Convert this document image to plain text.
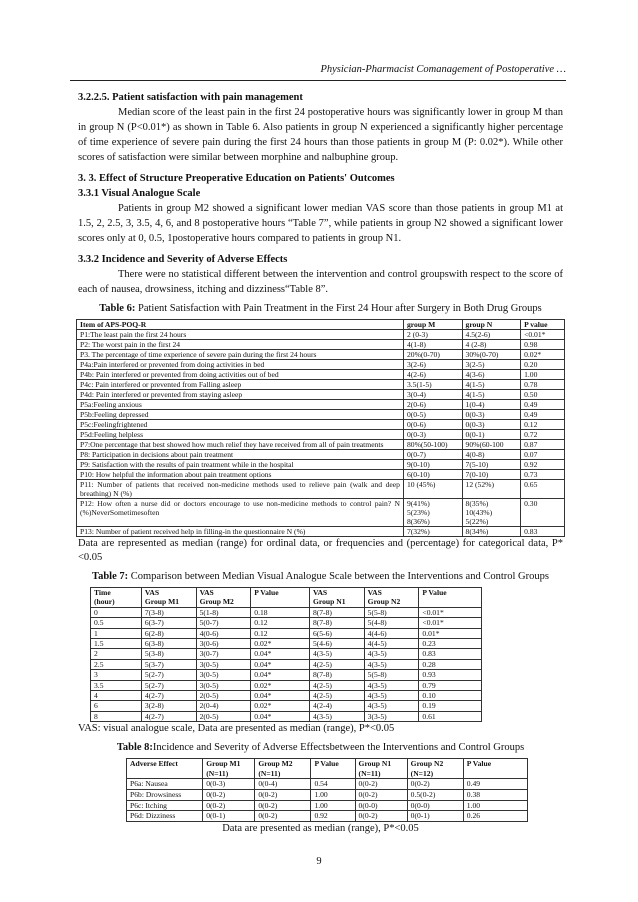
Physician-Pharmacist Comanagement of Postoperative …

3.2.2.5. Patient satisfaction with pain management

Median score of the least pain in the first 24 postoperative hours was significantly lower in group M than in group N (P<0.01*) as shown in Table 6. Also patients in group N experienced a significantly higher percentage of time experience of severe pain during the first 24 hours than those patients in group M (P: 0.02*). While other scores of satisfaction were similar between morphine and nalbuphine group.

3. 3. Effect of Structure Preoperative Education on Patients' Outcomes

3.3.1 Visual Analogue Scale

Patients in group M2 showed a significant lower median VAS score than those patients in group M1 at 1.5, 2, 2.5, 3, 3.5, 4, 6, and 8 postoperative hours “Table 7”, while patients in group N2 showed a significant lower scores only at 0, 0.5, 1postoperative hours compared to patients in group N1.

3.3.2 Incidence and Severity of Adverse Effects

There were no statistical different between the intervention and control groupswith respect to the score of each of nausea, drowsiness, itching and dizziness“Table 8”.

Table 6: Patient Satisfaction with Pain Treatment in the First 24 Hour after Surgery in Both Drug Groups
Item of APS-POQ-R	group M	group N	P value
P1:The least pain the first 24 hours	2 (0-3)	4.5(2-6)	<0.01*
P2: The worst pain in the first 24	4(1-8)	4 (2-8)	0.98
P3. The percentage of time experience of severe pain during the first 24 hours	20%(0-70)	30%(0-70)	0.02*
P4a:Pain interfered or prevented from doing activities in bed	3(2-6)	3(2-5)	0.20
P4b: Pain interfered or prevented from doing activities out of bed	4(2-6)	4(3-6)	1.00
P4c: Pain interfered or prevented from Falling asleep	3.5(1-5)	4(1-5)	0.78
P4d: Pain interfered or prevented from staying asleep	3(0-4)	4(1-5)	0.50
P5a:Feeling anxious	2(0-6)	1(0-4)	0.49
P5b:Feeling depressed	0(0-5)	0(0-3)	0.49
P5c:Feelingfrightened	0(0-6)	0(0-3)	0.12
P5d:Feeling helpless	0(0-3)	0(0-1)	0.72
P7:One percentage that best showed how much relief they have received from all of pain treatments	80%(50-100)	90%(60-100	0.87
P8: Participation in decisions about pain treatment	0(0-7)	4(0-8)	0.07
P9: Satisfaction with the results of pain treatment while in the hospital	9(0-10)	7(5-10)	0.92
P10: How helpful the information about pain treatment options	6(0-10)	7(0-10)	0.73
P11: Number of patients that received non-medicine methods used to relieve pain (walk and deep breathing) N (%)	10 (45%)	12 (52%)	0.65
P12: How often a nurse did or doctors encourage to use non-medicine methods to control pain? N (%)NeverSometimesoften	9(41%)
5(23%)
8(36%)	8(35%)
10(43%)
5(22%)	0.30
P13: Number of patient received help in filling-in the questionnaire N (%)	7(32%)	8(34%)	0.83

Data are represented as median (range) for ordinal data, or frequencies and (percentage) for categorical data, P*<0.05

Table 7: Comparison between Median Visual Analogue Scale between the Interventions and Control Groups
Time
(hour)	VAS
Group M1	VAS
Group M2	P Value	VAS
Group N1	VAS
Group N2	P Value

0	7(3-8)	5(1-8)	0.18	8(7-8)	5(5-8)	<0.01*
0.5	6(3-7)	5(0-7)	0.12	8(7-8)	5(4-8)	<0.01*
1	6(2-8)	4(0-6)	0.12	6(5-6)	4(4-6)	0.01*
1.5	6(3-8)	3(0-6)	0.02*	5(4-6)	4(4-5)	0.23
2	5(3-8)	3(0-7)	0.04*	4(3-5)	4(3-5)	0.83
2.5	5(3-7)	3(0-5)	0.04*	4(2-5)	4(3-5)	0.28
3	5(2-7)	3(0-5)	0.04*	8(7-8)	5(5-8)	0.93
3.5	5(2-7)	3(0-5)	0.02*	4(2-5)	4(3-5)	0.79
4	4(2-7)	2(0-5)	0.04*	4(2-5)	4(3-5)	0.10
6	3(2-8)	2(0-4)	0.02*	4(2-4)	4(3-5)	0.19
8	4(2-7)	2(0-5)	0.04*	4(3-5)	3(3-5)	0.61

VAS: visual analogue scale, Data are presented as median (range), P*<0.05

Table 8:Incidence and Severity of Adverse Effectsbetween the Interventions and Control Groups
Adverse Effect	Group M1
(N=11)	Group M2
(N=11)	P Value	Group N1
(N=11)	Group N2
(N=12)	P Value

P6a: Nausea	0(0-3)	0(0-4)	0.54	0(0-2)	0(0-2)	0.49
P6b: Drowsiness	0(0-2)	0(0-2)	1.00	0(0-2)	0.5(0-2)	0.38
P6c: Itching	0(0-2)	0(0-2)	1.00	0(0-0)	0(0-0)	1.00
P6d: Dizziness	0(0-1)	0(0-2)	0.92	0(0-2)	0(0-1)	0.26

Data are presented as median (range), P*<0.05

9
